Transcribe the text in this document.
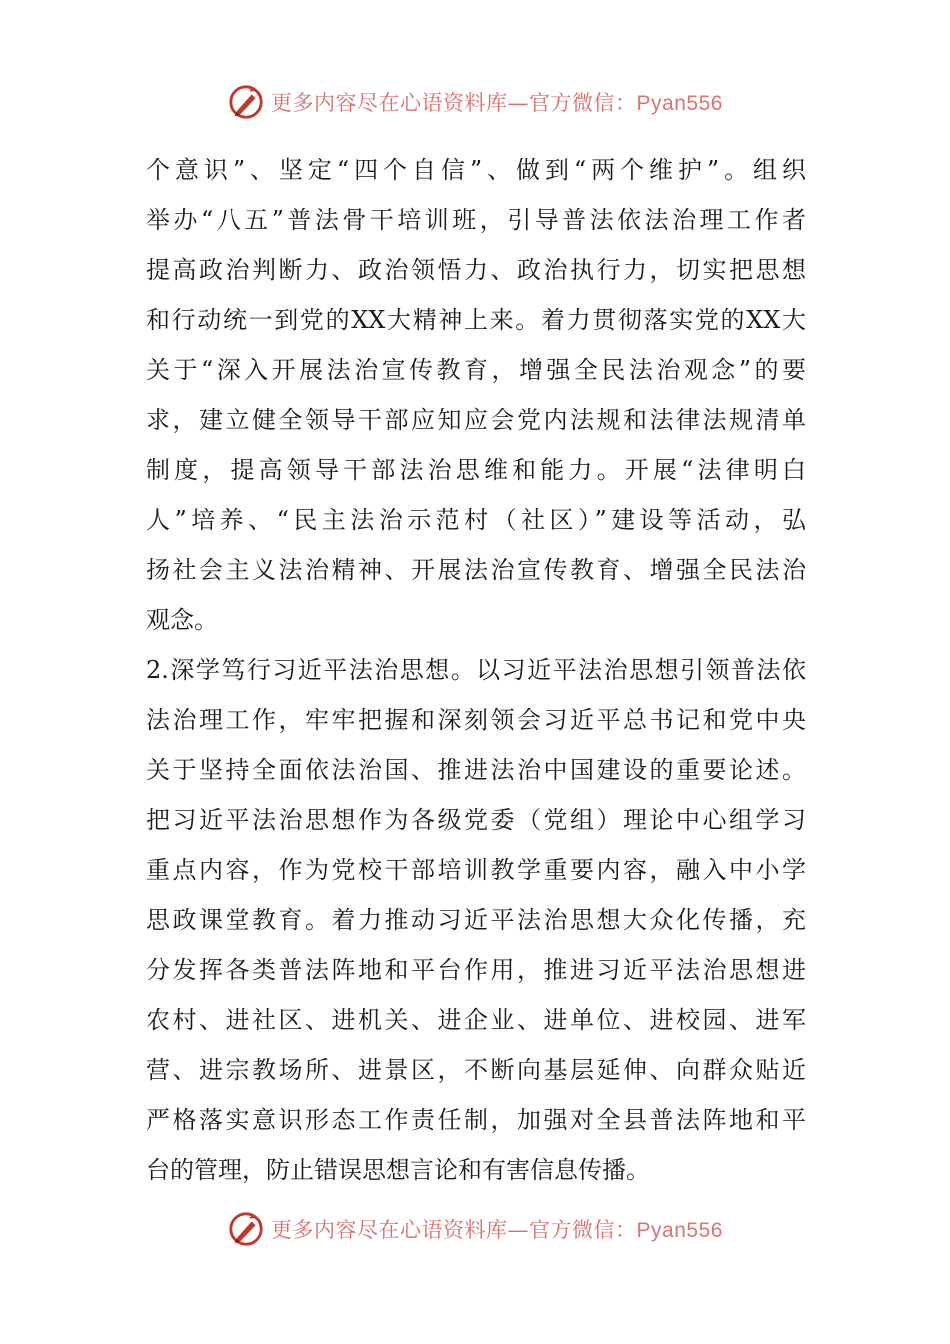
更多内容尽在心语资料库—官方微信：Pyan556
个意识”、坚定“四个自信”、做到“两个维护”。组织
举办“八五”普法骨干培训班，引导普法依法治理工作者
提高政治判断力、政治领悟力、政治执行力，切实把思想
和行动统一到党的XX大精神上来。着力贯彻落实党的XX大
关于“深入开展法治宣传教育，增强全民法治观念”的要
求，建立健全领导干部应知应会党内法规和法律法规清单
制度，提高领导干部法治思维和能力。开展“法律明白
人”培养、“民主法治示范村（社区）”建设等活动，弘
扬社会主义法治精神、开展法治宣传教育、增强全民法治
观念。
2.深学笃行习近平法治思想。以习近平法治思想引领普法依
法治理工作，牢牢把握和深刻领会习近平总书记和党中央
关于坚持全面依法治国、推进法治中国建设的重要论述。
把习近平法治思想作为各级党委（党组）理论中心组学习
重点内容，作为党校干部培训教学重要内容，融入中小学
思政课堂教育。着力推动习近平法治思想大众化传播，充
分发挥各类普法阵地和平台作用，推进习近平法治思想进
农村、进社区、进机关、进企业、进单位、进校园、进军
营、进宗教场所、进景区，不断向基层延伸、向群众贴近
严格落实意识形态工作责任制，加强对全县普法阵地和平
台的管理，防止错误思想言论和有害信息传播。
更多内容尽在心语资料库—官方微信：Pyan556
